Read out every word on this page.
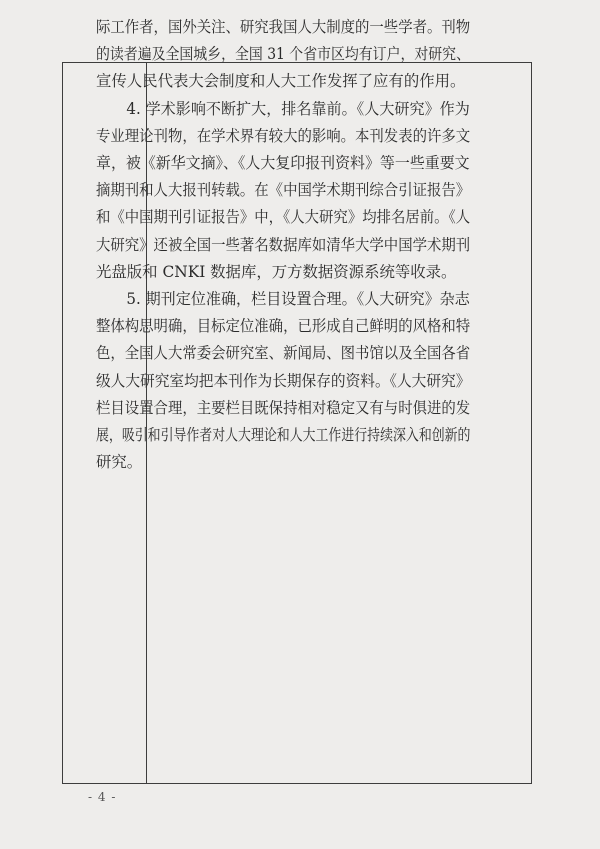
际工作者，国外关注、研究我国人大制度的一些学者。刊物
的读者遍及全国城乡，全国 31 个省市区均有订户，对研究、
宣传人民代表大会制度和人大工作发挥了应有的作用。
4. 学术影响不断扩大，排名靠前。《人大研究》作为
专业理论刊物，在学术界有较大的影响。本刊发表的许多文
章，被《新华文摘》、《人大复印报刊资料》等一些重要文
摘期刊和人大报刊转载。在《中国学术期刊综合引证报告》
和《中国期刊引证报告》中，《人大研究》均排名居前。《人
大研究》还被全国一些著名数据库如清华大学中国学术期刊
光盘版和 CNKI 数据库，万方数据资源系统等收录。
5. 期刊定位准确，栏目设置合理。《人大研究》杂志
整体构思明确，目标定位准确，已形成自己鲜明的风格和特
色，全国人大常委会研究室、新闻局、图书馆以及全国各省
级人大研究室均把本刊作为长期保存的资料。《人大研究》
栏目设置合理，主要栏目既保持相对稳定又有与时俱进的发
展，吸引和引导作者对人大理论和人大工作进行持续深入和创新的
研究。
- 4 -
